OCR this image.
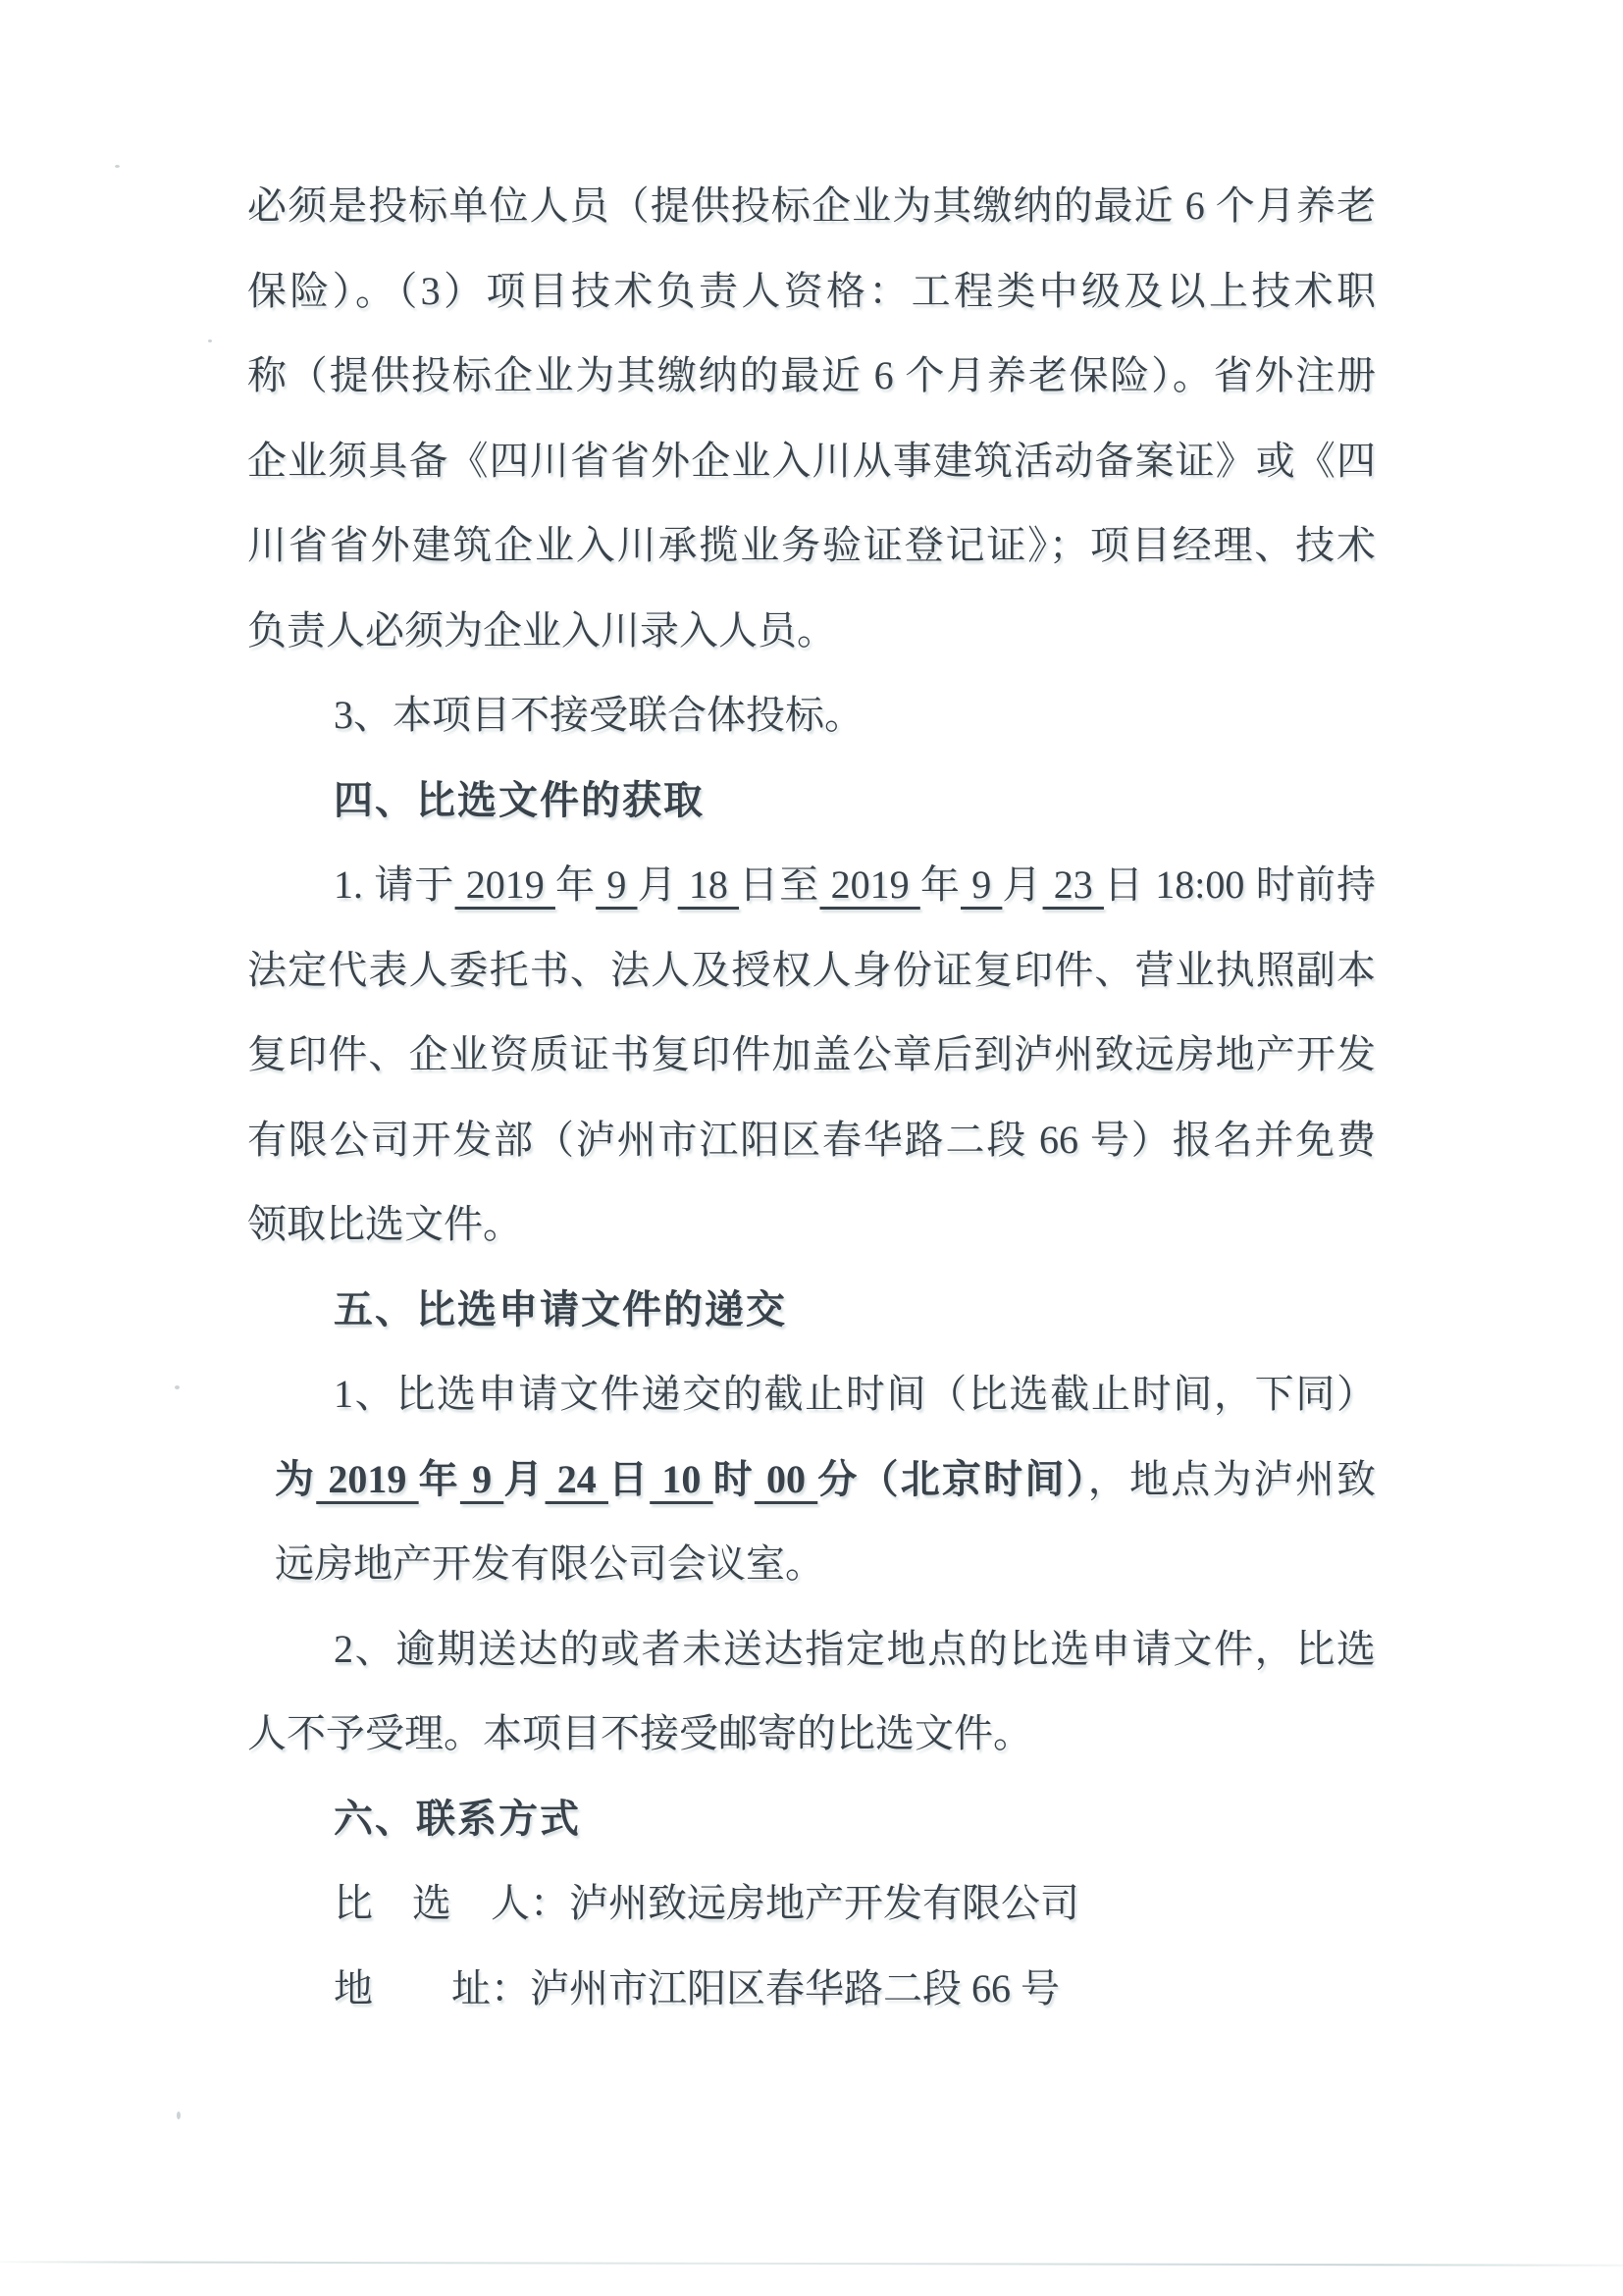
必须是投标单位人员（提供投标企业为其缴纳的最近 6 个月养老
保险）。（3）项目技术负责人资格：工程类中级及以上技术职
称（提供投标企业为其缴纳的最近 6 个月养老保险）。省外注册
企业须具备《四川省省外企业入川从事建筑活动备案证》或《四
川省省外建筑企业入川承揽业务验证登记证》；项目经理、技术
负责人必须为企业入川录入人员。
3、本项目不接受联合体投标。
四、比选文件的获取
1. 请于 2019 年 9 月 18 日至 2019 年 9 月 23 日 18:00 时前持
法定代表人委托书、法人及授权人身份证复印件、营业执照副本
复印件、企业资质证书复印件加盖公章后到泸州致远房地产开发
有限公司开发部（泸州市江阳区春华路二段 66 号）报名并免费
领取比选文件。
五、比选申请文件的递交
1、比选申请文件递交的截止时间（比选截止时间，下同）
为 2019 年 9 月 24 日 10 时 00 分（北京时间），地点为泸州致
远房地产开发有限公司会议室。
2、逾期送达的或者未送达指定地点的比选申请文件，比选
人不予受理。本项目不接受邮寄的比选文件。
六、联系方式
比　选　人：泸州致远房地产开发有限公司
地　　址：泸州市江阳区春华路二段 66 号
